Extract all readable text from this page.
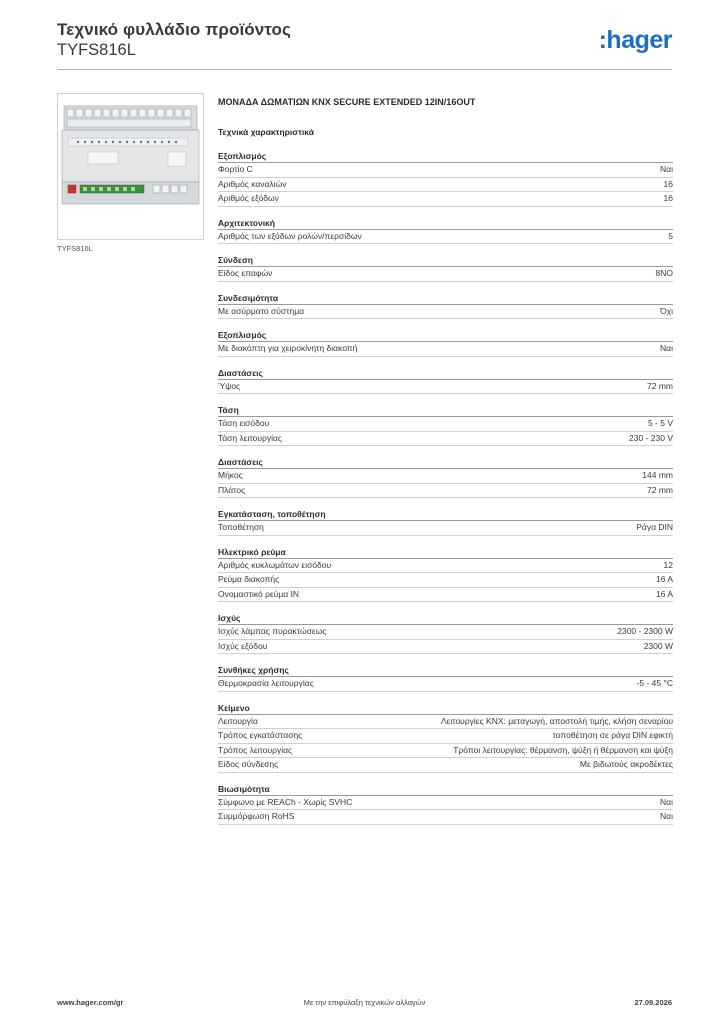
Τεχνικό φυλλάδιο προϊόντος
TYFS816L	:hager
TYFS816L
ΜΟΝΑΔΑ ΔΩΜΑΤΙΩΝ KNX SECURE EXTENDED 12IN/16OUT
Τεχνικά χαρακτηριστικά
Εξοπλισμός
Φορτίο C	Ναι
Αριθμός καναλιών	16
Αριθμός εξόδων	16
Αρχιτεκτονική
Αριθμός των εξόδων ρολών/περσίδων	5
Σύνδεση
Είδος επαφών	8NO
Συνδεσιμότητα
Με ασύρματο σύστημα	Όχι
Εξοπλισμός
Με διακόπτη για χειροκίνητη διακοπή	Ναι
Διαστάσεις
Ύψος	72 mm
Τάση
Τάση εισόδου	5 - 5 V
Τάση λειτουργίας	230 - 230 V
Διαστάσεις
Μήκος	144 mm
Πλάτος	72 mm
Εγκατάσταση, τοποθέτηση
Τοποθέτηση	Ράγα DIN
Ηλεκτρικό ρεύμα
Αριθμός κυκλωμάτων εισόδου	12
Ρεύμα διακοπής	16 A
Ονομαστικό ρεύμα IN	16 A
Ισχύς
Ισχύς λάμπας πυρακτώσεως	2300 - 2300 W
Ισχύς εξόδου	2300 W
Συνθήκες χρήσης
Θερμοκρασία λειτουργίας	-5 - 45 °C
Κείμενο
Λειτουργία	Λειτουργίες KNX: μεταγωγή, αποστολή τιμής, κλήση σεναρίου
Τρόπος εγκατάστασης	τοποθέτηση σε ράγα DIN εφικτή
Τρόπος λειτουργίας	Τρόποι λειτουργίας: θέρμανση, ψύξη ή θέρμανση και ψύξη
Είδος σύνδεσης	Με βιδωτούς ακροδέκτες
Βιωσιμότητα
Σύμφωνο με REACh - Χωρίς SVHC	Ναι
Συμμόρφωση RoHS	Ναι
www.hager.com/gr	Με την επιφύλαξη τεχνικών αλλαγών	27.09.2026
